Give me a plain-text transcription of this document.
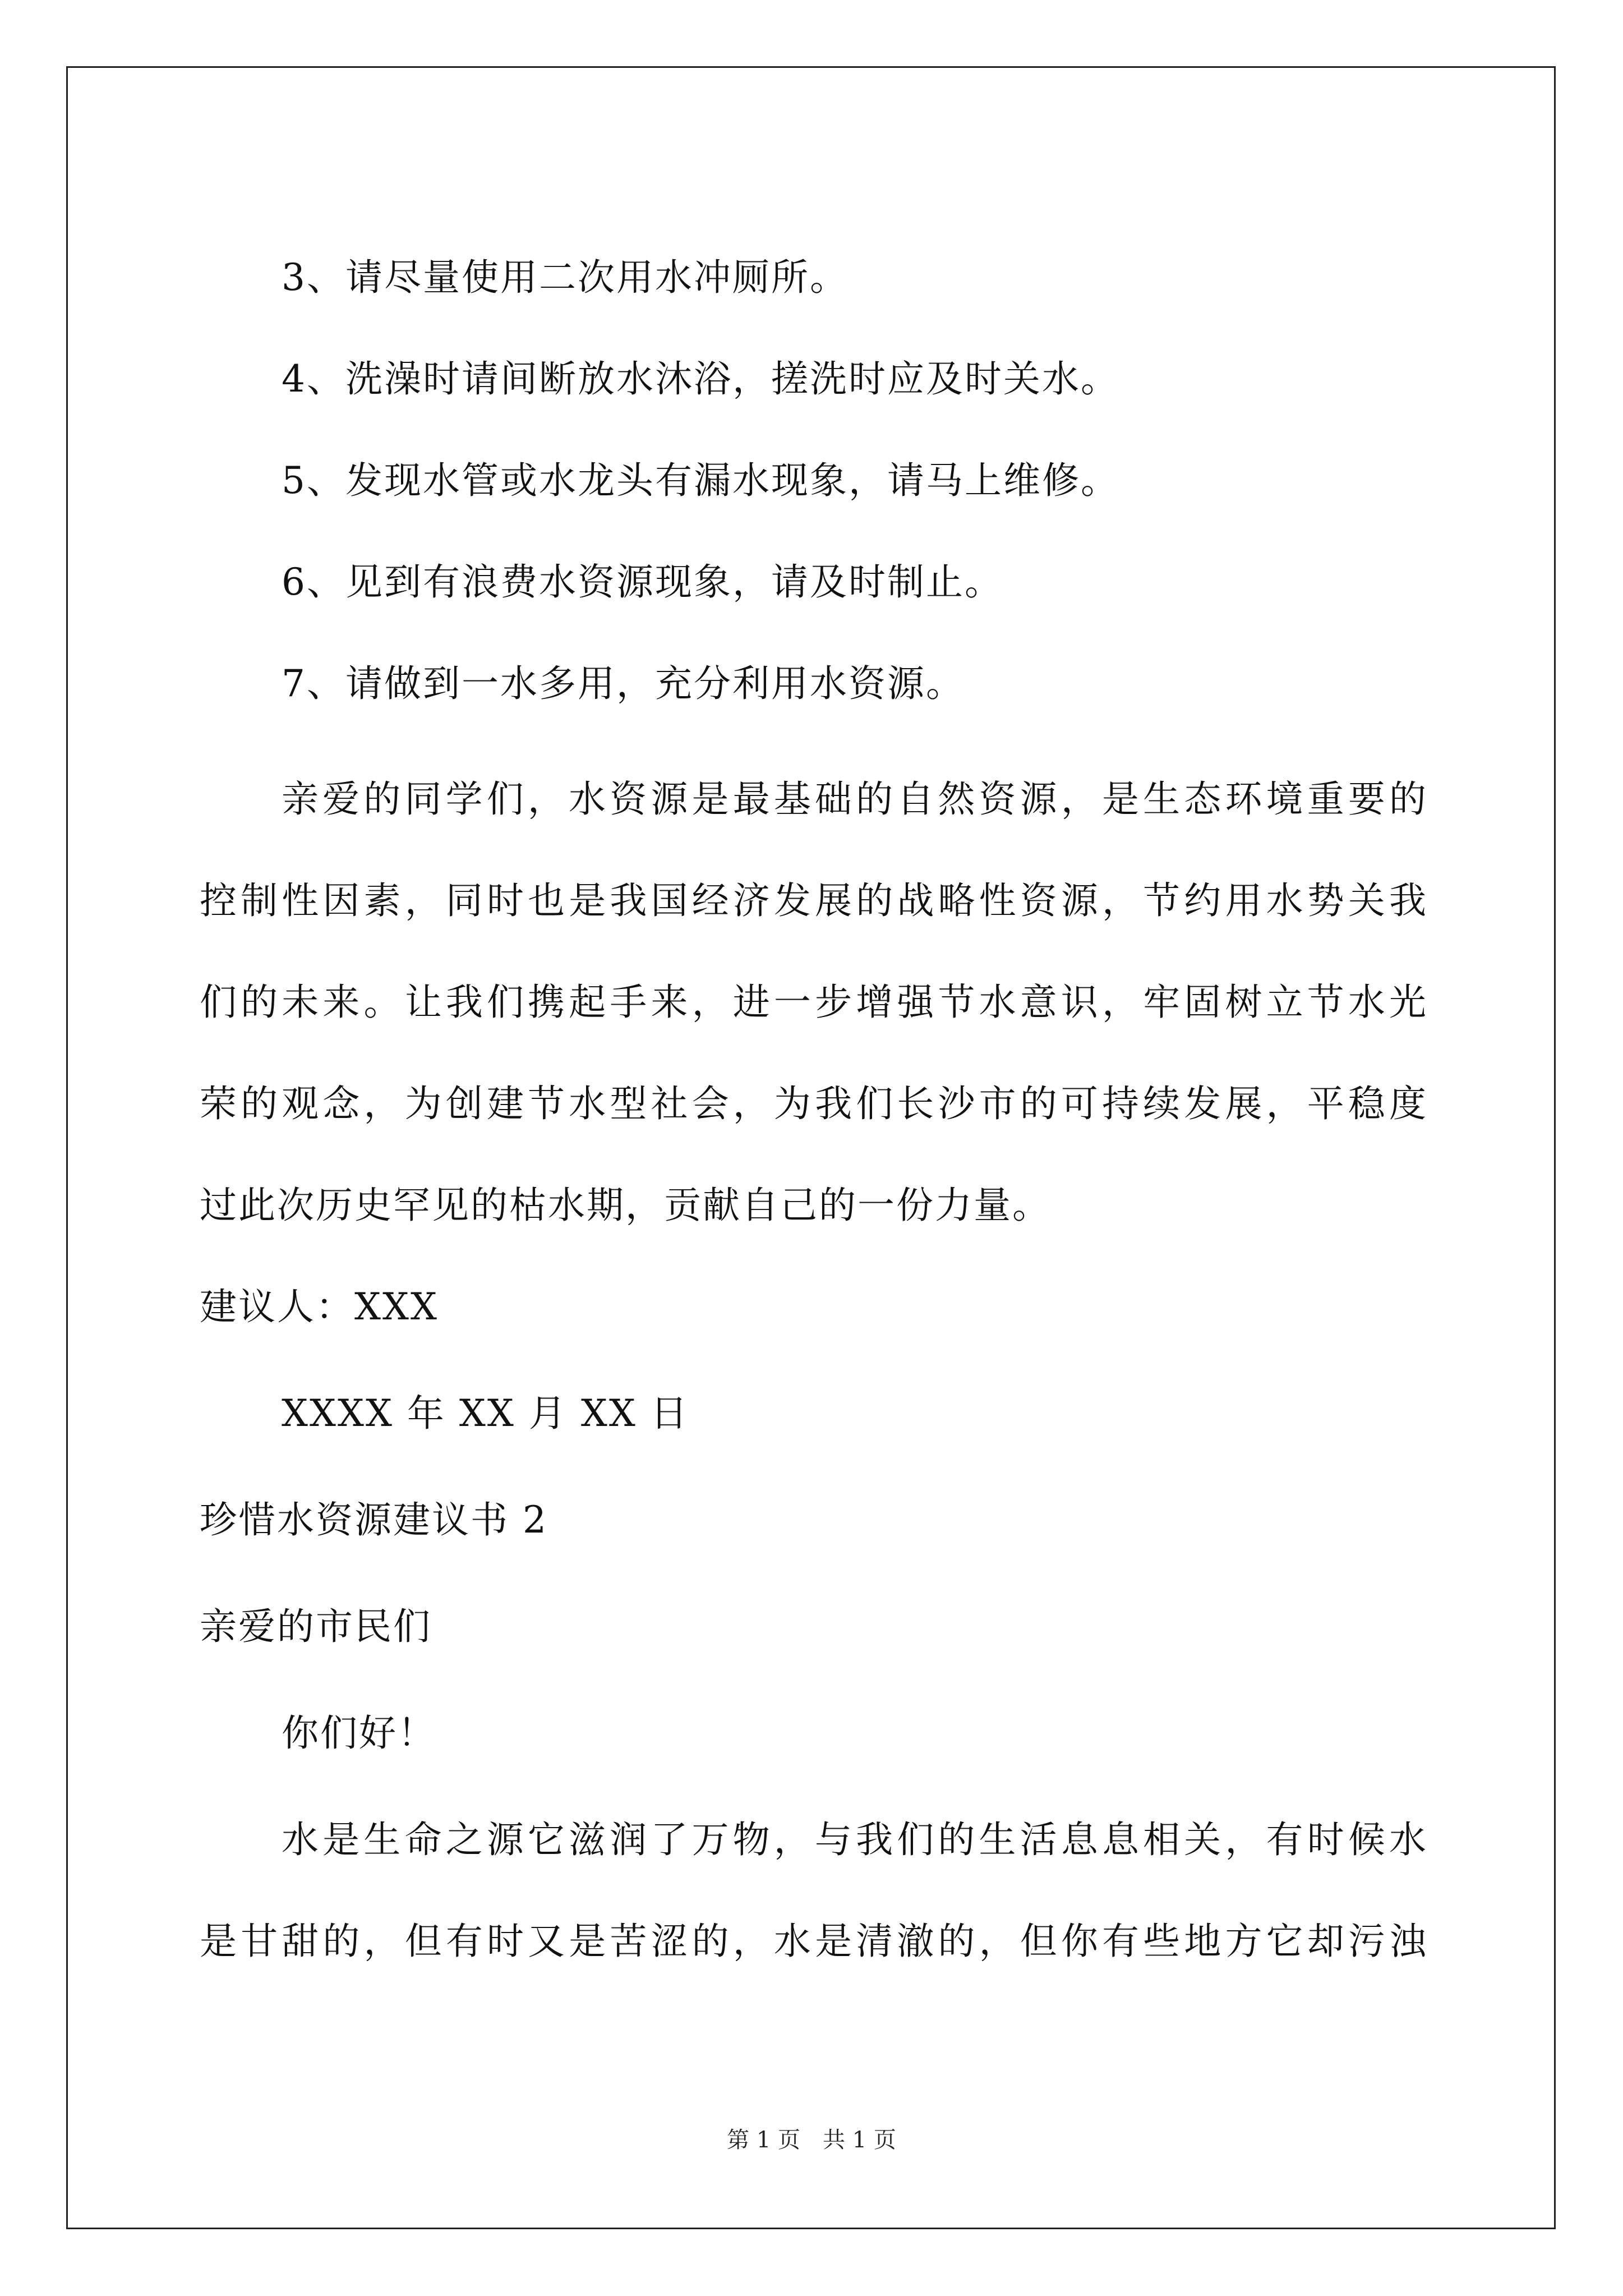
3、请尽量使用二次用水冲厕所。
4、洗澡时请间断放水沐浴，搓洗时应及时关水。
5、发现水管或水龙头有漏水现象，请马上维修。
6、见到有浪费水资源现象，请及时制止。
7、请做到一水多用，充分利用水资源。
亲爱的同学们，水资源是最基础的自然资源，是生态环境重要的
控制性因素，同时也是我国经济发展的战略性资源，节约用水势关我
们的未来。让我们携起手来，进一步增强节水意识，牢固树立节水光
荣的观念，为创建节水型社会，为我们长沙市的可持续发展，平稳度
过此次历史罕见的枯水期，贡献自己的一份力量。
建议人：XXX
XXXX 年 XX 月 XX 日
珍惜水资源建议书 2
亲爱的市民们
你们好！
水是生命之源它滋润了万物，与我们的生活息息相关，有时候水
是甘甜的，但有时又是苦涩的，水是清澈的，但你有些地方它却污浊
第 1 页　共 1 页
